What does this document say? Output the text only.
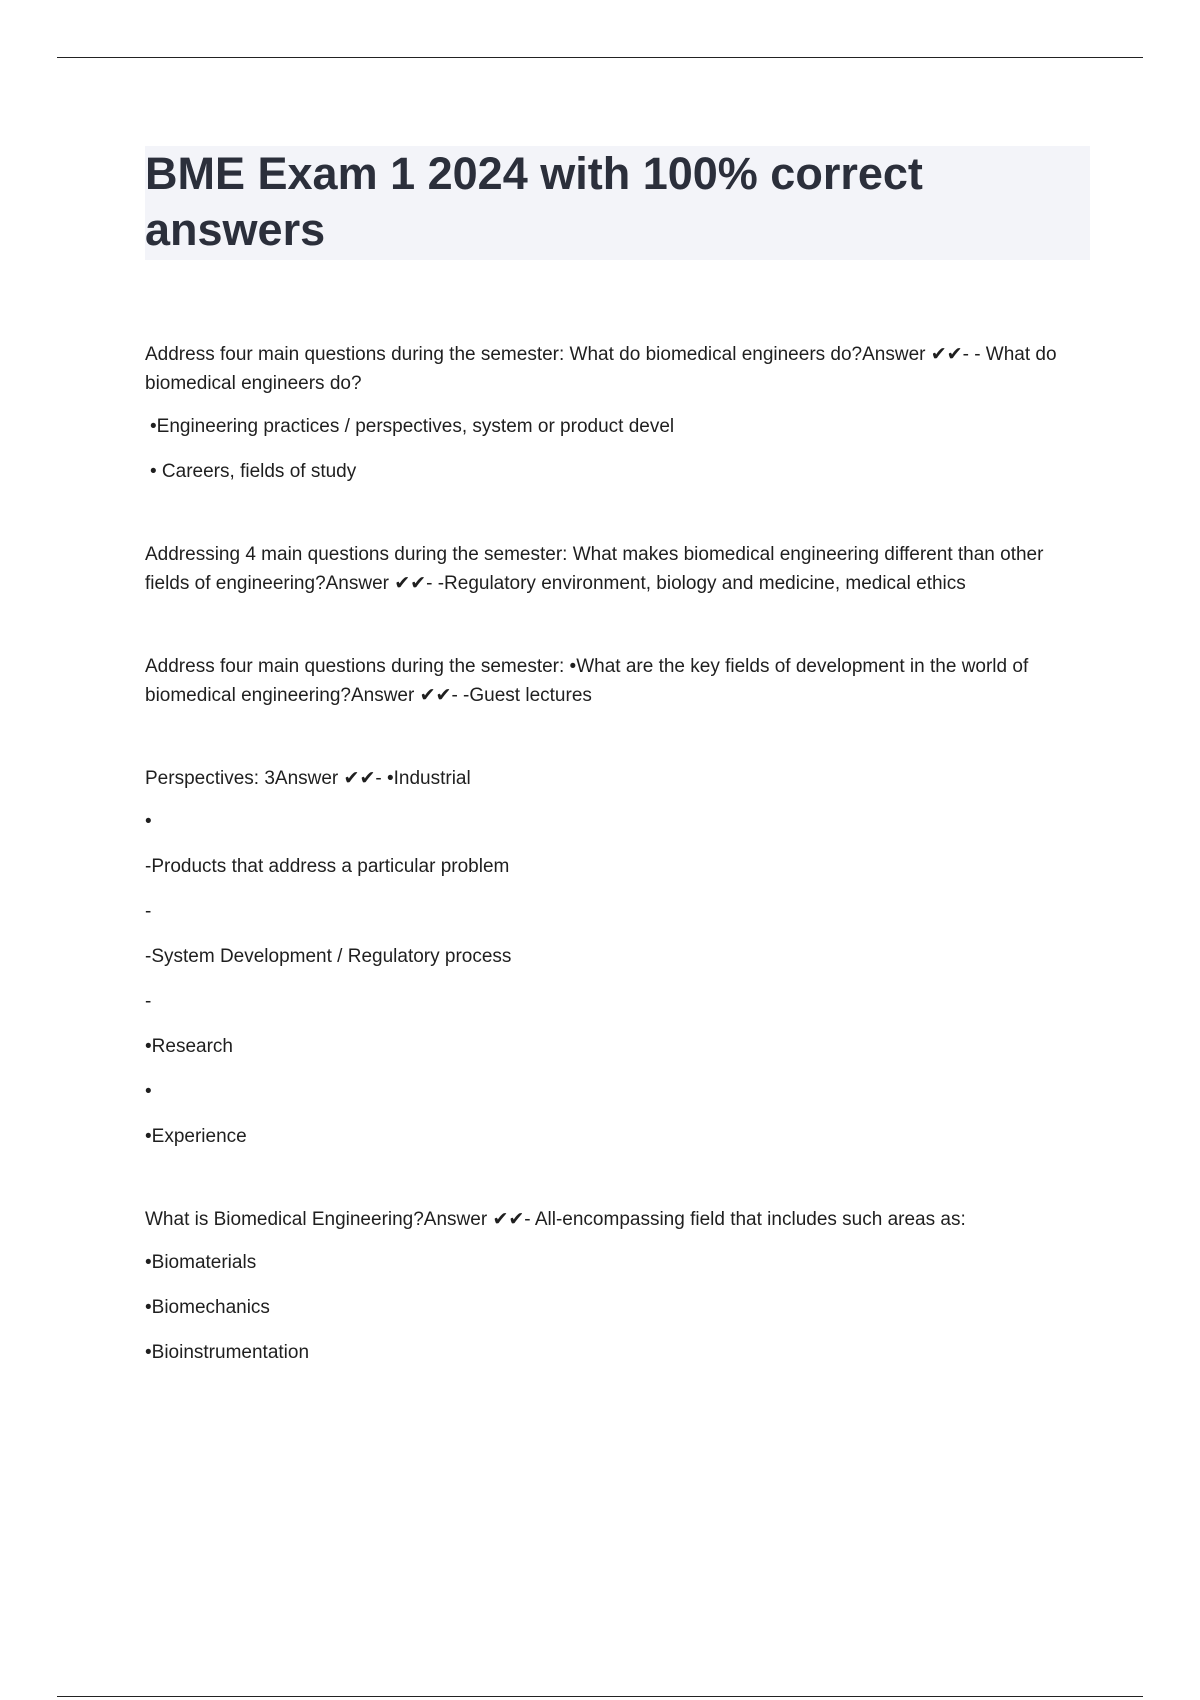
BME Exam 1 2024 with 100% correct answers

Address four main questions during the semester: What do biomedical engineers do?Answer ✔✔- - What do biomedical engineers do?

•Engineering practices / perspectives, system or product devel

• Careers, fields of study

Addressing 4 main questions during the semester: What makes biomedical engineering different than other fields of engineering?Answer ✔✔- -Regulatory environment, biology and medicine, medical ethics

Address four main questions during the semester: •What are the key fields of development in the world of biomedical engineering?Answer ✔✔- -Guest lectures

Perspectives: 3Answer ✔✔- •Industrial

•

-Products that address a particular problem

-

-System Development / Regulatory process

-

•Research

•

•Experience

What is Biomedical Engineering?Answer ✔✔- All-encompassing field that includes such areas as:

•Biomaterials

•Biomechanics

•Bioinstrumentation
